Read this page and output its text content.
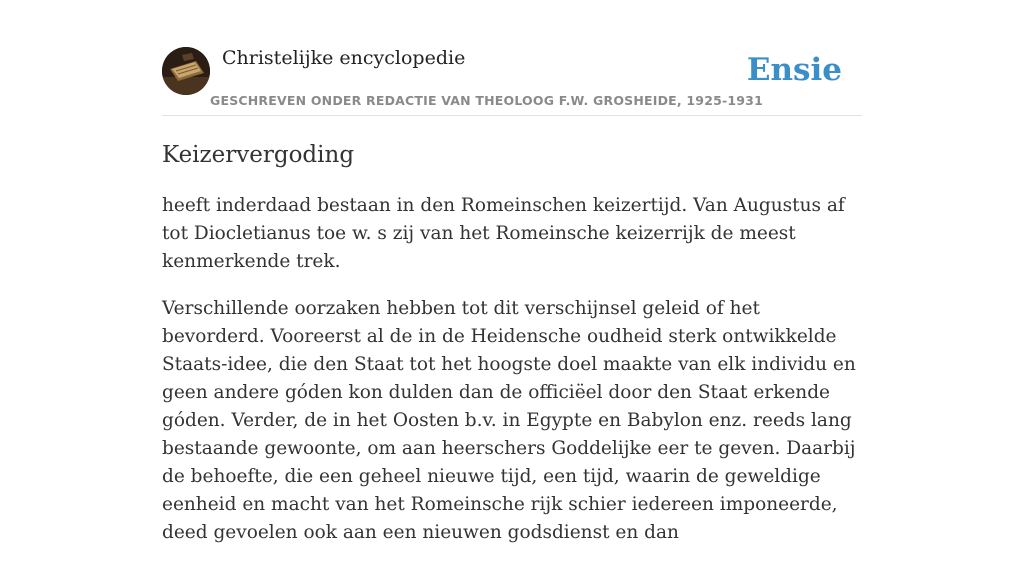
Christelijke encyclopedie
GESCHREVEN ONDER REDACTIE VAN THEOLOOG F.W. GROSHEIDE, 1925-1931
Ensie
Keizervergoding

heeft inderdaad bestaan in den Romeinschen keizertijd. Van Augustus af tot Diocletianus toe w. s zij van het Romeinsche keizerrijk de meest kenmerkende trek.

Verschillende oorzaken hebben tot dit verschijnsel geleid of het bevorderd. Vooreerst al de in de Heidensche oudheid sterk ontwikkelde Staats-idee, die den Staat tot het hoogste doel maakte van elk individu en geen andere góden kon dulden dan de officiëel door den Staat erkende góden. Verder, de in het Oosten b.v. in Egypte en Babylon enz. reeds lang bestaande gewoonte, om aan heerschers Goddelijke eer te geven. Daarbij de behoefte, die een geheel nieuwe tijd, een tijd, waarin de geweldige eenheid en macht van het Romeinsche rijk schier iedereen imponeerde, deed gevoelen ook aan een nieuwen godsdienst en dan
